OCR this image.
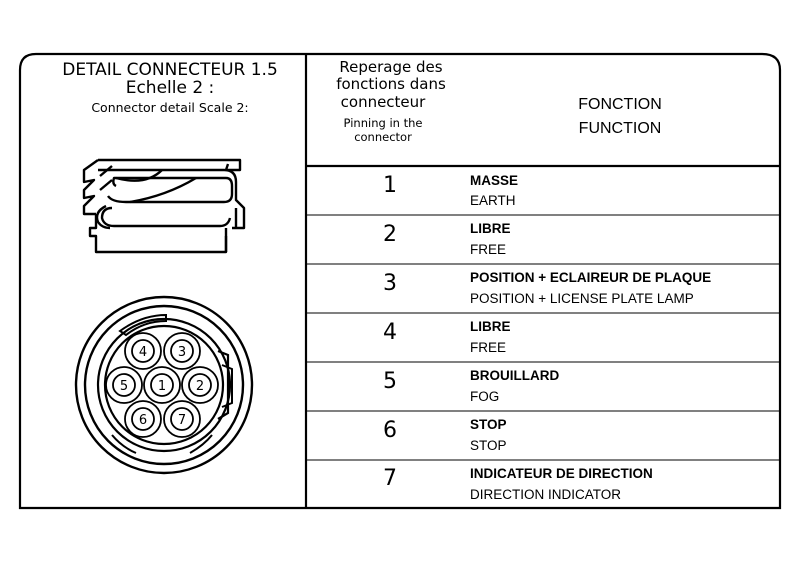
DETAIL CONNECTEUR 1.5
Echelle 2 :
Connector detail Scale 2:
Reperage des
fonctions dans
connecteur
Pinning in the
connector
FONCTION
FUNCTION
1	MASSE
EARTH
2	LIBRE
FREE
3	POSITION + ECLAIREUR DE PLAQUE
POSITION + LICENSE PLATE LAMP
4	LIBRE
FREE
5	BROUILLARD
FOG
6	STOP
STOP
7	INDICATEUR DE DIRECTION
DIRECTION INDICATOR
1 2
3
4
5
6 7
